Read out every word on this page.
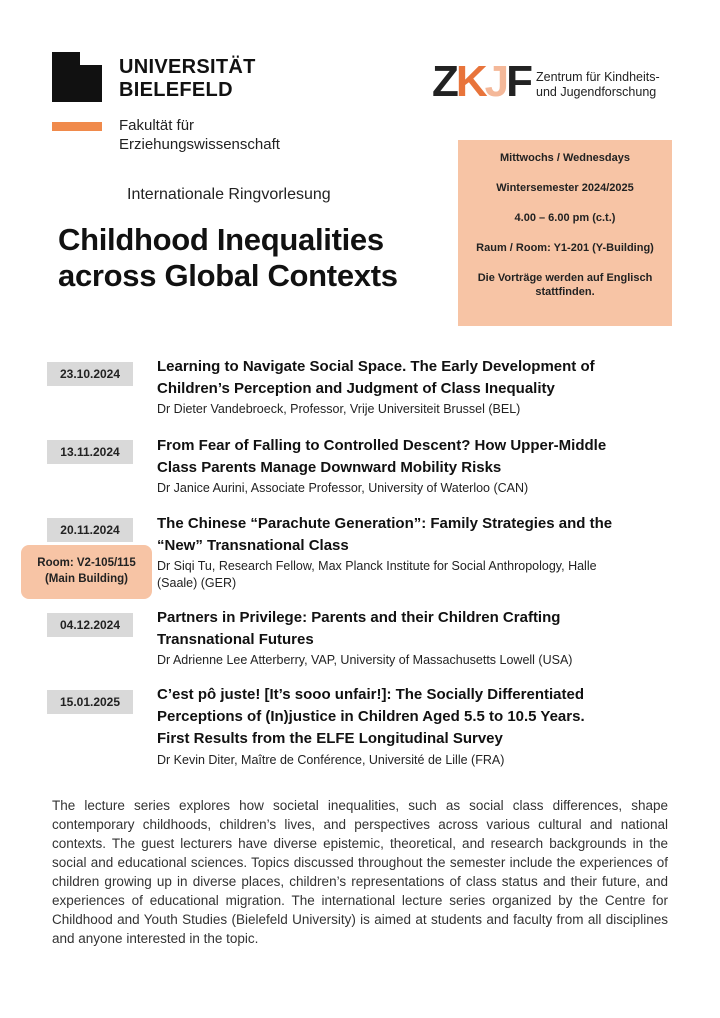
UNIVERSITÄT
BIELEFELD
Fakultät für
Erziehungswissenschaft
Z K J F Zentrum für Kindheits-
und Jugendforschung
Internationale Ringvorlesung
Childhood Inequalities
across Global Contexts
Mittwochs / Wednesdays
Wintersemester 2024/2025
4.00 – 6.00 pm (c.t.)
Raum / Room: Y1-201 (Y-Building)
Die Vorträge werden auf Englisch
stattfinden.
23.10.2024	Learning to Navigate Social Space. The Early Development of
Children’s Perception and Judgment of Class Inequality
Dr Dieter Vandebroeck, Professor, Vrije Universiteit Brussel (BEL)
13.11.2024	From Fear of Falling to Controlled Descent? How Upper-Middle
Class Parents Manage Downward Mobility Risks
Dr Janice Aurini, Associate Professor, University of Waterloo (CAN)
20.11.2024	The Chinese “Parachute Generation”: Family Strategies and the
“New” Transnational Class
Dr Siqi Tu, Research Fellow, Max Planck Institute for Social Anthropology, Halle
(Saale) (GER)
Room: V2-105/115
(Main Building)
04.12.2024	Partners in Privilege: Parents and their Children Crafting
Transnational Futures
Dr Adrienne Lee Atterberry, VAP, University of Massachusetts Lowell (USA)
15.01.2025	C’est pô juste! [It’s sooo unfair!]: The Socially Differentiated
Perceptions of (In)justice in Children Aged 5.5 to 10.5 Years.
First Results from the ELFE Longitudinal Survey
Dr Kevin Diter, Maître de Conférence, Université de Lille (FRA)
The lecture series explores how societal inequalities, such as social class differences, shape contemporary childhoods, children’s lives, and perspectives across various cultural and national contexts. The guest lecturers have diverse epistemic, theoretical, and research backgrounds in the social and educational sciences. Topics discussed throughout the semester include the experiences of children growing up in diverse places, children’s representations of class status and their future, and experiences of educational migration. The international lecture series organized by the Centre for Childhood and Youth Studies (Bielefeld University) is aimed at students and faculty from all disciplines and anyone interested in the topic.
